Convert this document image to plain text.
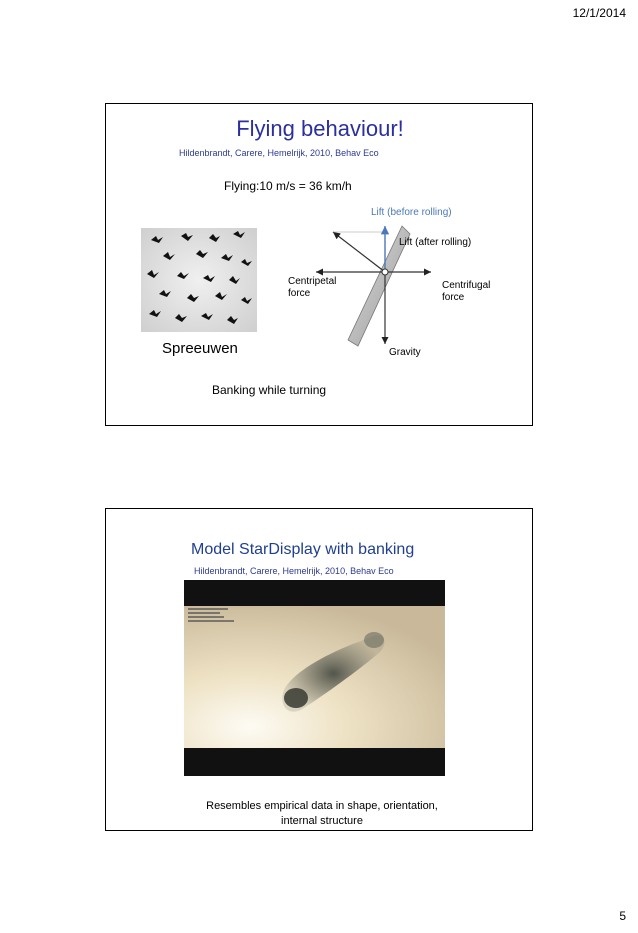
12/1/2014
Flying behaviour!
Hildenbrandt, Carere, Hemelrijk, 2010, Behav Eco
Flying:10 m/s = 36 km/h
Spreeuwen
Lift (before rolling)
Lift (after rolling)
Centripetal
force
Centrifugal
force
Gravity
Banking while turning
Model StarDisplay with banking
Hildenbrandt, Carere, Hemelrijk, 2010, Behav Eco
Resembles empirical data in shape, orientation,
internal structure
5
